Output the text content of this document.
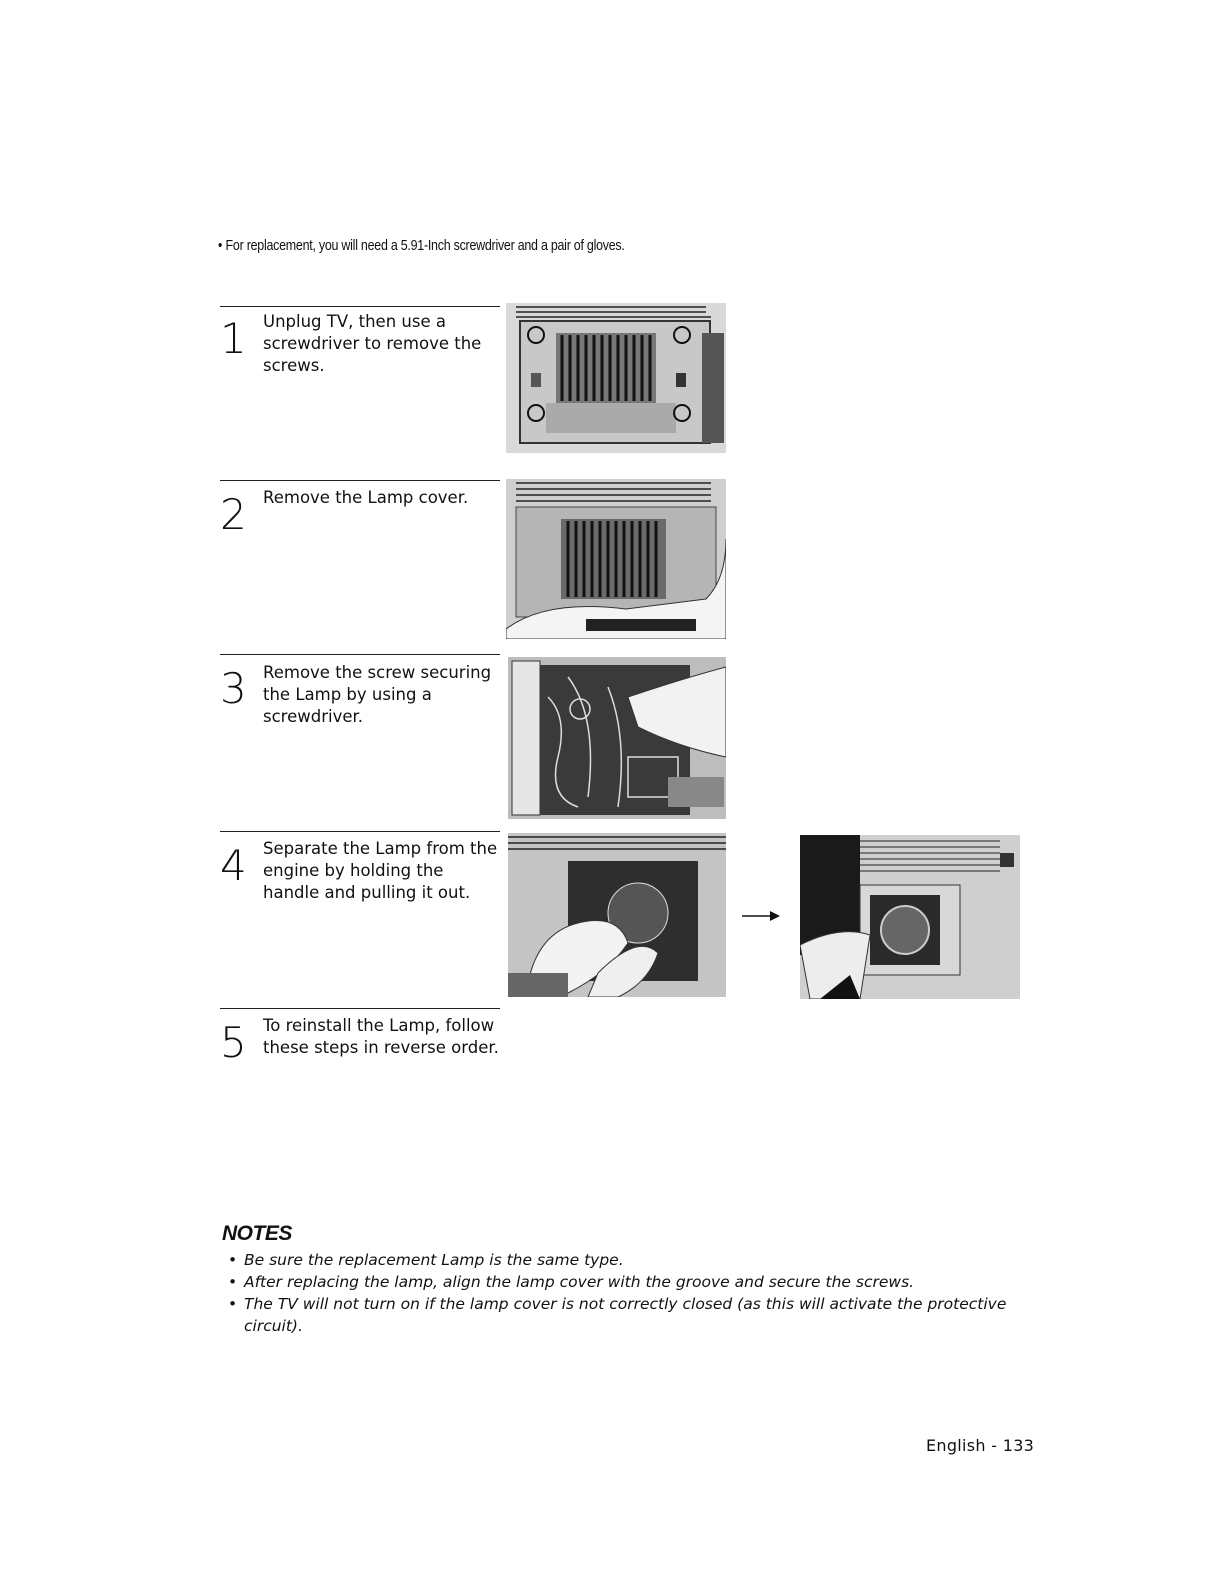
• For replacement, you will need a 5.91-Inch screwdriver and a pair of gloves.
1 Unplug TV, then use a screwdriver to remove the screws.
2 Remove the Lamp cover.
3 Remove the screw securing the Lamp by using a screwdriver.
4 Separate the Lamp from the engine by holding the handle and pulling it out.
5 To reinstall the Lamp, follow these steps in reverse order.
NOTES
• Be sure the replacement Lamp is the same type.
• After replacing the lamp, align the lamp cover with the groove and secure the screws.
• The TV will not turn on if the lamp cover is not correctly closed (as this will activate the protective circuit).
English - 133
